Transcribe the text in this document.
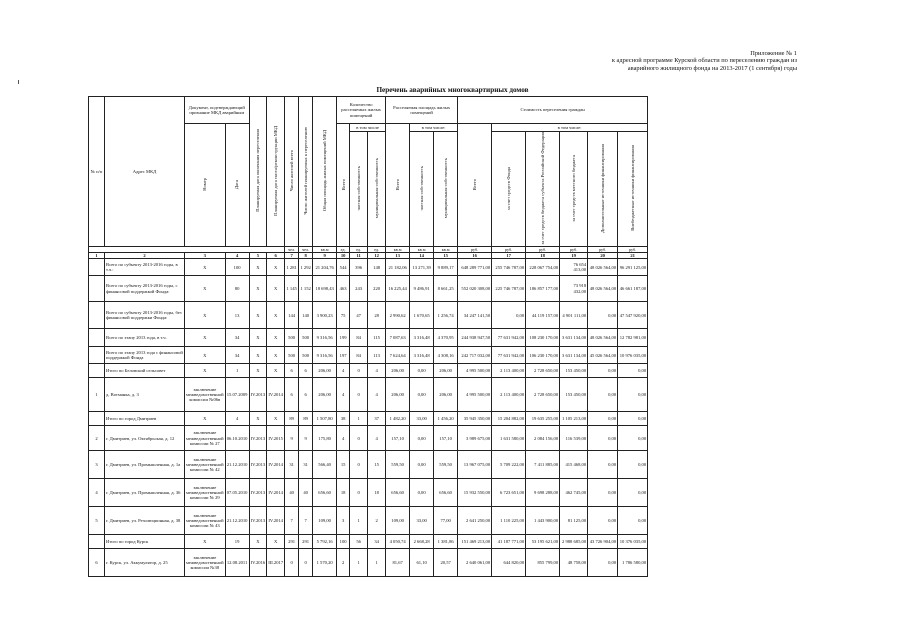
Приложение № 1
к адресной программе Курской области по переселению граждан из
аварийного жилищного фонда на 2013-2017 (1 сентября) годы
Перечень аварийных многоквартирных домов
№ п/п	Адрес МКД	Документ, подтверждающий признание МКД аварийным		Планируемая дата окончания переселения	Планируемая дата сноса/реконструкции МКД	Число жителей всего	Число жителей планируемых к переселению	Общая площадь жилых помещений МКД	Количество расселяемых жилых помещений			Расселяемая площадь жилых помещений			Стоимость переселения граждан					
		Номер	Дата						Всего	в том числе		Всего	в том числе:		Всего	в том числе:				
										частная собственность	муниципальная собственность		частная собственность	муниципальная собственность		за счет средств Фонда	за счет средств бюджета субъекта Российской Федерации	за счет средств местного бюджета	Дополнительные источники финансирования	Внебюджетные источники финансирования
						чел.	чел.	кв.м	ед.	ед.	ед.	кв.м	кв.м	кв.м	руб.	руб.	руб.	руб.	руб.	руб.
1	2	3	4	5	6	7	8	9	10	11	12	13	14	15	16	17	18	19	20	21
	Всего по субъекту 2013-2016 годы, в т.ч.:	Х	100	Х	Х	1 281	1 292	21 204,76	544	396	148	21 182,06	13 271,39	9 889,17	648 289 771,00	255 746 787,00	228 067 754,00	76 654 413,00	48 026 564,00	96 291 125,00
	Всего по субъекту 2013-2016 годы, с финансовой поддержкой Фонда:	Х	80	Х	Х	1 145	1 152	18 698,43	463	243	220	16 225,44	9 486,91	8 661,25	552 020 308,00	225 746 787,00	186 857 177,00	73 918 432,00	48 026 564,00	46 661 187,00
	Всего по субъекту 2013-2016 годы, без финансовой поддержки Фонда:	Х	13	Х	Х	144	140	3 900,23	75	47	28	2 990,62	1 670,65	1 256,74	34 247 141,50	0,00	44 119 157,00	4 901 111,00	0,00	47 547 920,00
	Всего по этапу 2013 года, в т.ч.	Х	34	Х	Х	500	500	9 316,56	199	84	115	7 087,63	3 316,48	4 370,95	244 938 947,50	77 631 942,00	108 230 170,00	3 631 134,00	48 026 564,00	12 782 981,00
	Всего по этапу 2013 года с финансовой поддержкой Фонда	Х	34	Х	Х	500	500	9 316,56	197	84	113	7 624,64	3 316,48	4 308,16	242 717 032,00	77 631 942,00	106 230 170,00	3 631 134,00	45 026 564,00	10 976 035,00
	Итого по Беловский сельсовет	Х	1	Х	Х	6	6	206,00	4	0	4	206,00	0,00	206,00	4 995 500,00	2 113 400,00	2 728 650,00	153 450,00	0,00	0,00
1	д. Вотманка, д. 3	заключение межведомственной комиссии №06в	15.07.2009	IV.2013	IV.2014	6	6	206,00	4	0	4	206,00	0,00	206,00	4 995 500,00	2 113 400,00	2 728 650,00	153 450,00	0,00	0,00
	Итого по город Дмитриев	Х	4	Х	Х	89	89	1 507,80	38	1	37	1 482,20	33,00	1 456,20	35 945 350,00	15 204 882,00	19 635 255,00	1 105 213,00	0,00	0,00
2	г. Дмитриев, ул. Октябрьская, д. 12	заключение межведомственной комиссии № 27	06.10.2010	IV.2013	IV.2015	9	9	175,80	4	0	4	157,10	0,00	157,10	3 989 675,00	1 631 580,00	2 084 156,00	116 539,00	0,00	0,00
3	г. Дмитриев, ул. Промышленная, д. 1а	заключение межведомственной комиссии № 42	21.12.2010	IV.2013	IV.2014	31	31	566,40	15	0	15	559,50	0,00	559,50	13 967 075,00	5 709 222,00	7 411 885,00	415 468,00	0,00	0,00
4	г. Дмитриев, ул. Промышленная, д. 36	заключение межведомственной комиссии № 29	07.05.2010	IV.2013	IV.2014	40	40	656,60	18	0	18	656,60	0,00	656,60	15 932 550,00	6 723 651,00	9 698 288,00	462 745,00	0,00	0,00
5	г. Дмитриев, ул. Резолюционная, д. 38	заключение межведомственной комиссии № 43	21.12.2010	IV.2013	IV.2014	7	7	109,00	3	1	2	109,00	33,00	77,00	2 641 250,00	1 110 225,00	1 443 900,00	81 125,00	0,00	0,00
	Итого по город Курск	Х	19	Х	Х	291	291	5 792,16	100	56	34	4 050,74	2 668,28	1 381,86	151 469 213,00	41 187 771,00	53 195 621,00	2 988 685,00	43 726 904,00	10 376 035,00
6	г. Курск, ул. Аккумулятор, д. 25	заключение межведомственной комиссии №38	12.08.2011	IV.2016	III.2017	0	0	1 570,20	2	1	1	81,67	61,10	20,57	2 640 061,00	644 820,00	855 799,00	48 758,00	0,00	1 786 580,00
